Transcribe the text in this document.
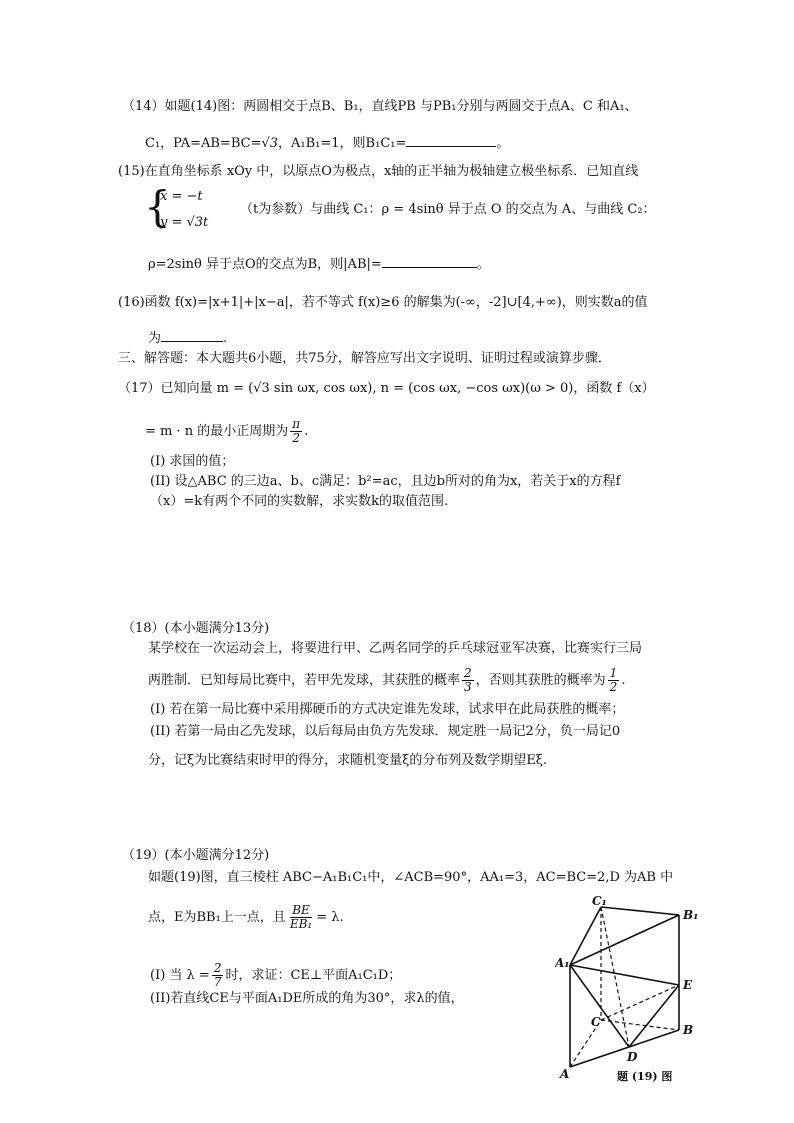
（14）如题(14)图：两圆相交于点B、B₁，直线PB 与PB₁分别与两圆交于点A、C 和A₁、
C₁，PA=AB=BC=√3，A₁B₁=1，则B₁C₁=	。
(15)在直角坐标系 xOy 中，以原点O为极点，x轴的正半轴为极轴建立极坐标系．已知直线
{
x = −t
y = √3t
（t为参数）与曲线 C₁：ρ = 4sinθ 异于点 O 的交点为 A、与曲线 C₂：
ρ=2sinθ 异于点O的交点为B，则|AB|=	。
(16)函数 f(x)=|x+1|+|x−a|，若不等式 f(x)≥6 的解集为(-∞，-2]∪[4,+∞)，则实数a的值
为	.
三、解答题：本大题共6小题，共75分，解答应写出文字说明、证明过程或演算步骤．
（17）已知向量 m = (√3 sin ωx, cos ωx), n = (cos ωx, −cos ωx)(ω > 0)，函数 f（x）
= m · n 的最小正周期为 $\frac{\pi}{2}$ .
(I) 求国的值；
(II) 设△ABC 的三边a、b、c满足：b²=ac，且边b所对的角为x，若关于x的方程f
（x）=k有两个不同的实数解，求实数k的取值范围.
（18）(本小题满分13分)
某学校在一次运动会上，将要进行甲、乙两名同学的乒乓球冠亚军决赛，比赛实行三局
两胜制．已知每局比赛中，若甲先发球，其获胜的概率 $\frac{2}{3}$ ，否则其获胜的概率为 $\frac{1}{2}$ .
(I) 若在第一局比赛中采用掷硬币的方式决定谁先发球，试求甲在此局获胜的概率；
(II) 若第一局由乙先发球，以后每局由负方先发球．规定胜一局记2分，负一局记0
分，记ξ为比赛结束时甲的得分，求随机变量ξ的分布列及数学期望Eξ.
（19）(本小题满分12分)
如题(19)图，直三棱柱 ABC−A₁B₁C₁中，∠ACB=90°，AA₁=3，AC=BC=2,D 为AB 中
点，E为BB₁上一点，且 $\frac{BE}{\text{EB₁}} = \lambda$.
(I) 当 $\lambda = \frac{2}{7}$ 时，求证：CE⊥平面A₁C₁D；
(II)若直线CE与平面A₁DE所成的角为30°，求λ的值，
C₁
B₁
A₁
E
C
B
D
A	题 (19) 图
